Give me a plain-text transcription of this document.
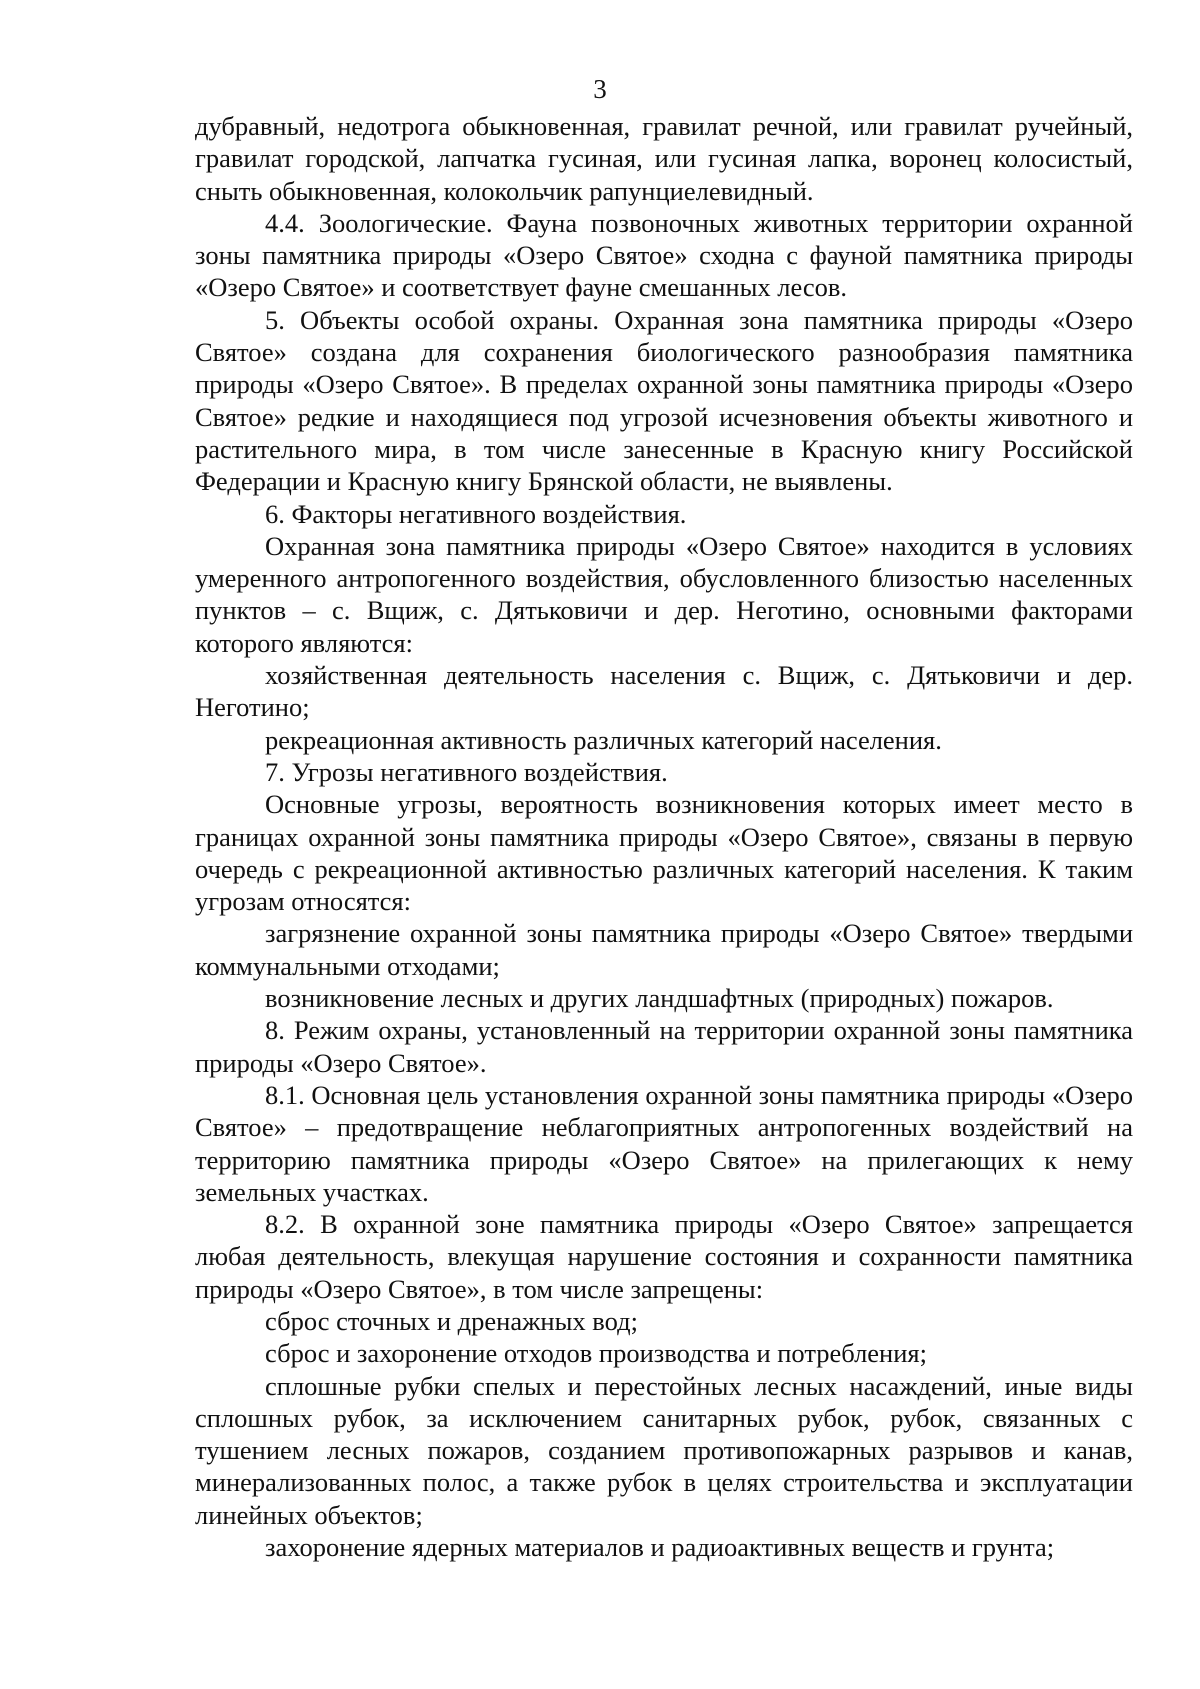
3

дубравный, недотрога обыкновенная, гравилат речной, или гравилат ручейный, гравилат городской, лапчатка гусиная, или гусиная лапка, воронец колосистый, сныть обыкновенная, колокольчик рапунциелевидный.

4.4. Зоологические. Фауна позвоночных животных территории охранной зоны памятника природы «Озеро Святое» сходна с фауной памятника природы «Озеро Святое» и соответствует фауне смешанных лесов.

5. Объекты особой охраны. Охранная зона памятника природы «Озеро Святое» создана для сохранения биологического разнообразия памятника природы «Озеро Святое». В пределах охранной зоны памятника природы «Озеро Святое» редкие и находящиеся под угрозой исчезновения объекты животного и растительного мира, в том числе занесенные в Красную книгу Российской Федерации и Красную книгу Брянской области, не выявлены.

6. Факторы негативного воздействия.

Охранная зона памятника природы «Озеро Святое» находится в условиях умеренного антропогенного воздействия, обусловленного близостью населенных пунктов – с. Вщиж, с. Дятьковичи и дер. Неготино, основными факторами которого являются:

хозяйственная деятельность населения с. Вщиж, с. Дятьковичи и дер. Неготино;

рекреационная активность различных категорий населения.

7. Угрозы негативного воздействия.

Основные угрозы, вероятность возникновения которых имеет место в границах охранной зоны памятника природы «Озеро Святое», связаны в первую очередь с рекреационной активностью различных категорий населения. К таким угрозам относятся:

загрязнение охранной зоны памятника природы «Озеро Святое» твердыми коммунальными отходами;

возникновение лесных и других ландшафтных (природных) пожаров.

8. Режим охраны, установленный на территории охранной зоны памятника природы «Озеро Святое».

8.1. Основная цель установления охранной зоны памятника природы «Озеро Святое» – предотвращение неблагоприятных антропогенных воздействий на территорию памятника природы «Озеро Святое» на прилегающих к нему земельных участках.

8.2. В охранной зоне памятника природы «Озеро Святое» запрещается любая деятельность, влекущая нарушение состояния и сохранности памятника природы «Озеро Святое», в том числе запрещены:

сброс сточных и дренажных вод;

сброс и захоронение отходов производства и потребления;

сплошные рубки спелых и перестойных лесных насаждений, иные виды сплошных рубок, за исключением санитарных рубок, рубок, связанных с тушением лесных пожаров, созданием противопожарных разрывов и канав, минерализованных полос, а также рубок в целях строительства и эксплуатации линейных объектов;

захоронение ядерных материалов и радиоактивных веществ и грунта;
